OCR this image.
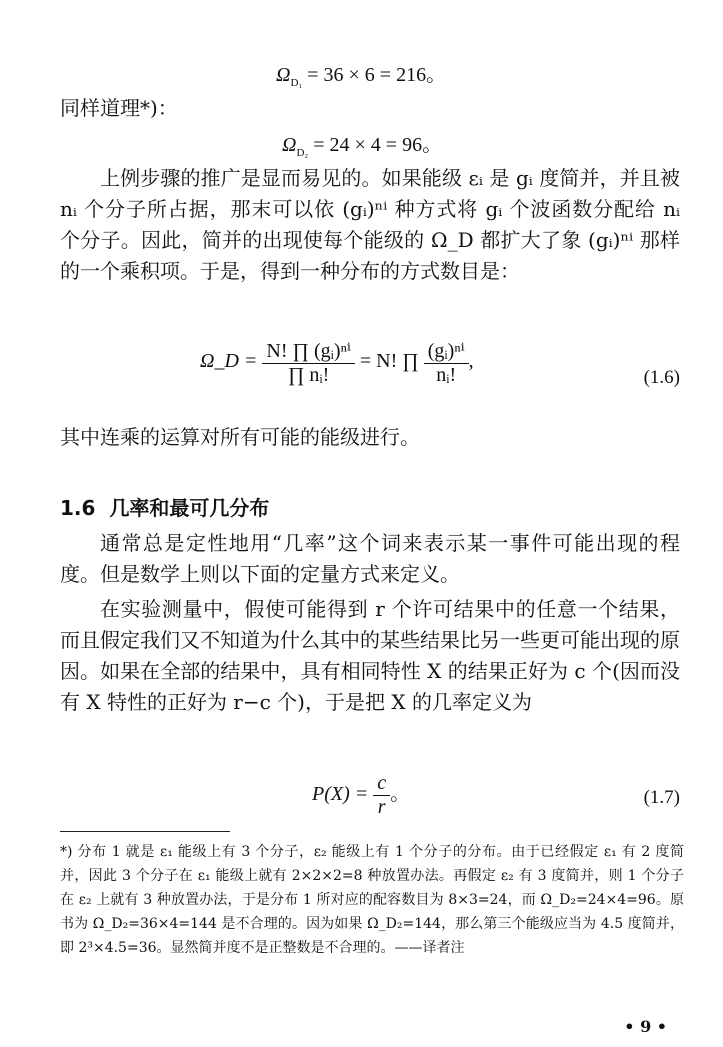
$\Omega_{D_1} = 36 \times 6 = 216$。
同样道理*)：
$\Omega_{D_2} = 24 \times 4 = 96$。
上例步骤的推广是显而易见的。如果能级 εᵢ 是 gᵢ 度简并，并且被 nᵢ 个分子所占据，那末可以依 (gᵢ)ⁿⁱ 种方式将 gᵢ 个波函数分配给 nᵢ 个分子。因此，简并的出现使每个能级的 Ω_D 都扩大了象 (gᵢ)ⁿⁱ 那样的一个乘积项。于是，得到一种分布的方式数目是：
Ω_D = $\frac{\text{N! ∏ (gᵢ)ⁿⁱ}}{\text{∏ nᵢ!}} = N$! ∏ $\frac{\text{(gᵢ)ⁿⁱ}}{\text{nᵢ!}}$ ,
(1.6)
其中连乘的运算对所有可能的能级进行。
1.6 几率和最可几分布
通常总是定性地用“几率”这个词来表示某一事件可能出现的程度。但是数学上则以下面的定量方式来定义。
在实验测量中，假使可能得到 r 个许可结果中的任意一个结果，而且假定我们又不知道为什么其中的某些结果比另一些更可能出现的原因。如果在全部的结果中，具有相同特性 X 的结果正好为 c 个(因而没有 X 特性的正好为 r−c 个)，于是把 X 的几率定义为
$P(X) = \frac{c}{r}$ 。	(1.7)
*) 分布 1 就是 ε₁ 能级上有 3 个分子，ε₂ 能级上有 1 个分子的分布。由于已经假定 ε₁ 有 2 度简并，因此 3 个分子在 ε₁ 能级上就有 2×2×2=8 种放置办法。再假定 ε₂ 有 3 度简并，则 1 个分子在 ε₂ 上就有 3 种放置办法，于是分布 1 所对应的配容数目为 8×3=24，而 Ω_D₂=24×4=96。原书为 Ω_D₂=36×4=144 是不合理的。因为如果 Ω_D₂=144，那么第三个能级应当为 4.5 度简并，即 2³×4.5=36。显然简并度不是正整数是不合理的。——译者注
• 9 •
